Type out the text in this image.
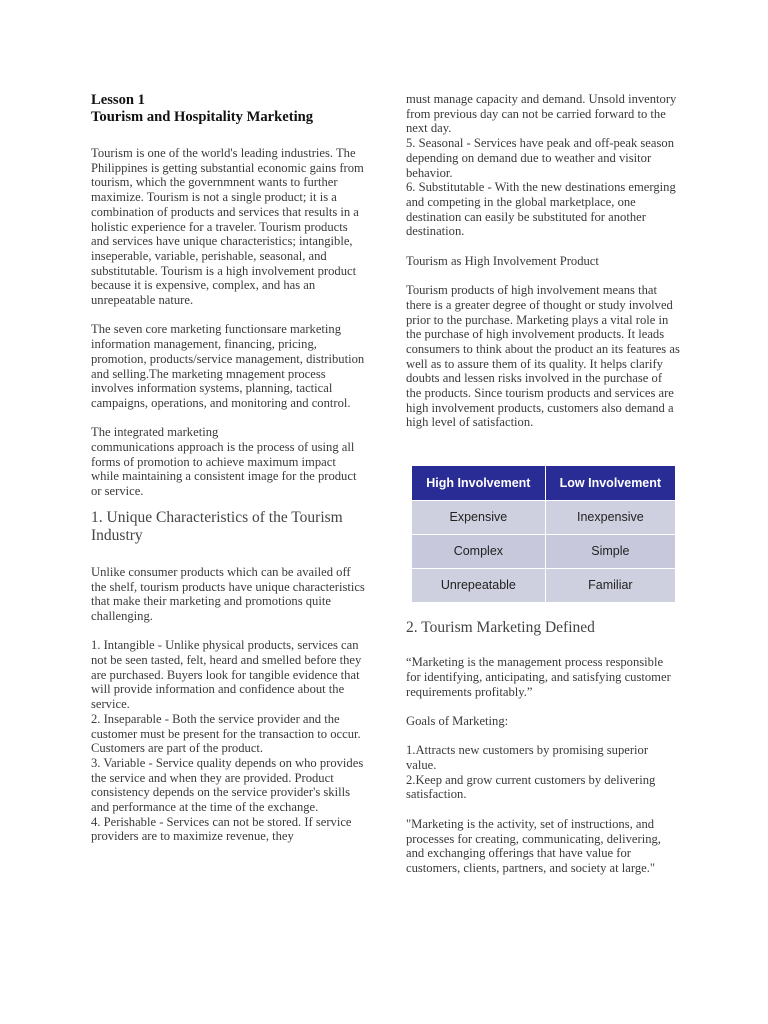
Lesson 1
Tourism and Hospitality Marketing

Tourism is one of the world's leading industries. The Philippines is getting substantial economic gains from tourism, which the governmnent wants to further maximize. Tourism is not a single product; it is a combination of products and services that results in a holistic experience for a traveler. Tourism products and services have unique characteristics; intangible, inseperable, variable, perishable, seasonal, and substitutable. Tourism is a high involvement product because it is expensive, complex, and has an unrepeatable nature.

The seven core marketing functionsare marketing information management, financing, pricing, promotion, products/service management, distribution and selling.The marketing mnagement process involves information systems, planning, tactical campaigns, operations, and monitoring and control.

The integrated marketing
communications approach is the process of using all forms of promotion to achieve maximum impact while maintaining a consistent image for the product or service.
1. Unique Characteristics of the Tourism Industry

Unlike consumer products which can be availed off the shelf, tourism products have unique characteristics that make their marketing and promotions quite challenging.

1. Intangible - Unlike physical products, services can not be seen tasted, felt, heard and smelled before they are purchased. Buyers look for tangible evidence that will provide information and confidence about the service.

2. Inseparable - Both the service provider and the customer must be present for the transaction to occur. Customers are part of the product.

3. Variable - Service quality depends on who provides the service and when they are provided. Product consistency depends on the service provider's skills and performance at the time of the exchange.

4. Perishable - Services can not be stored. If service providers are to maximize revenue, they

must manage capacity and demand. Unsold inventory from previous day can not be carried forward to the next day.

5. Seasonal - Services have peak and off-peak season depending on demand due to weather and visitor behavior.

6. Substitutable - With the new destinations emerging and competing in the global marketplace, one destination can easily be substituted for another destination.

Tourism as High Involvement Product

Tourism products of high involvement means that there is a greater degree of thought or study involved prior to the purchase. Marketing plays a vital role in the purchase of high involvement products. It leads consumers to think about the product an its features as well as to assure them of its quality. It helps clarify doubts and lessen risks involved in the purchase of the products. Since tourism products and services are high involvement products, customers also demand a high level of satisfaction.

High Involvement	Low Involvement
Expensive	Inexpensive
Complex	Simple
Unrepeatable	Familiar
2. Tourism Marketing Defined

“Marketing is the management process responsible for identifying, anticipating, and satisfying customer requirements profitably.”

Goals of Marketing:

1.Attracts new customers by promising superior value.

2.Keep and grow current customers by delivering satisfaction.

"Marketing is the activity, set of instructions, and processes for creating, communicating, delivering, and exchanging offerings that have value for customers, clients, partners, and society at large."
